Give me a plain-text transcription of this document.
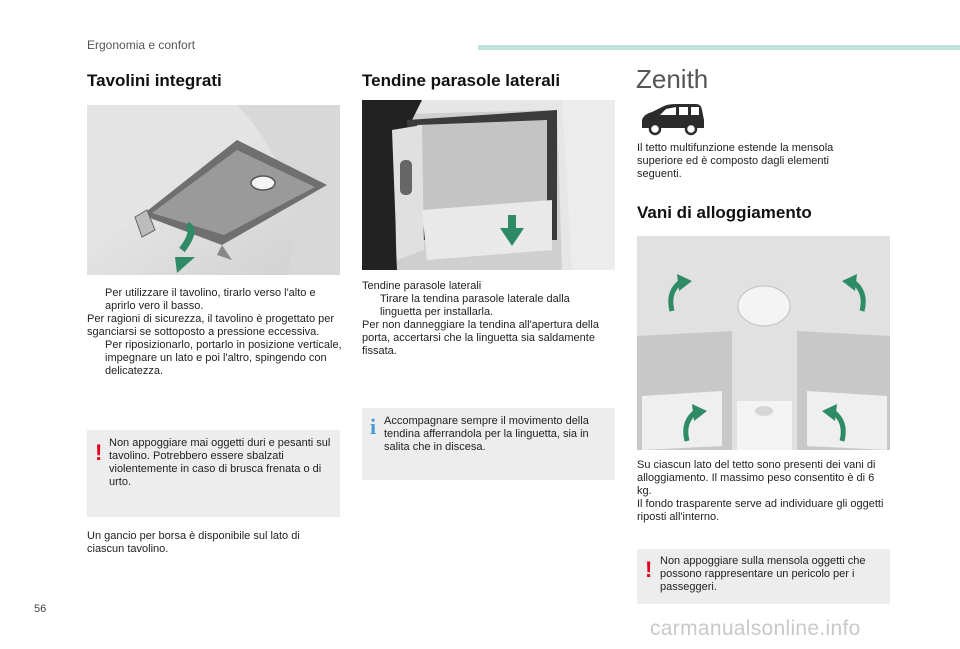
Ergonomia e confort
Tavolini integrati
Per utilizzare il tavolino, tirarlo verso l'alto e aprirlo vero il basso.
Per ragioni di sicurezza, il tavolino è progettato per sganciarsi se sottoposto a pressione eccessiva.
Per riposizionarlo, portarlo in posizione verticale, impegnare un lato e poi l'altro, spingendo con delicatezza.
! Non appoggiare mai oggetti duri e pesanti sul tavolino. Potrebbero essere sbalzati violentemente in caso di brusca frenata o di urto.
Un gancio per borsa è disponibile sul lato di ciascun tavolino.
Tendine parasole laterali
Tendine parasole laterali
Tirare la tendina parasole laterale dalla linguetta per installarla.
Per non danneggiare la tendina all'apertura della porta, accertarsi che la linguetta sia saldamente fissata.
i Accompagnare sempre il movimento della tendina afferrandola per la linguetta, sia in salita che in discesa.
Zenith
Il tetto multifunzione estende la mensola superiore ed è composto dagli elementi seguenti.
Vani di alloggiamento
Su ciascun lato del tetto sono presenti dei vani di alloggiamento. Il massimo peso consentito è di 6 kg.
Il fondo trasparente serve ad individuare gli oggetti riposti all'interno.
! Non appoggiare sulla mensola oggetti che possono rappresentare un pericolo per i passeggeri.
56
carmanualsonline.info
